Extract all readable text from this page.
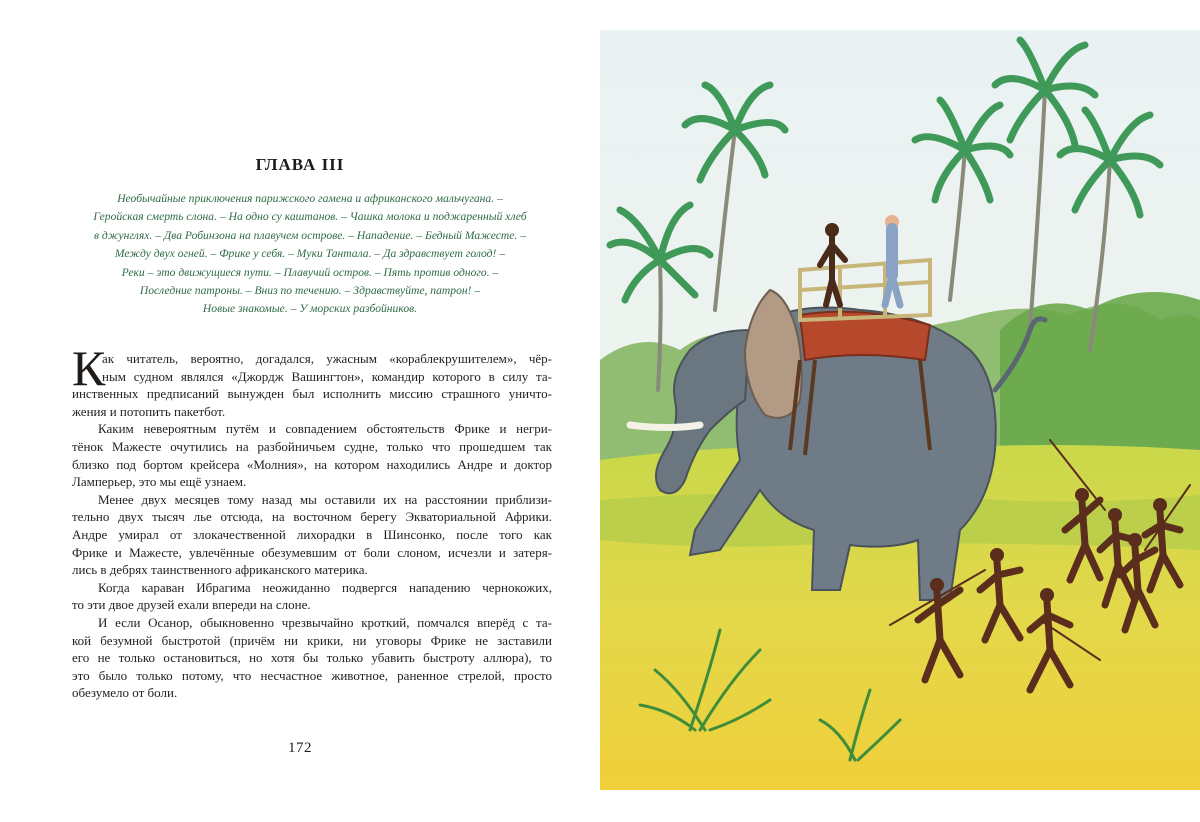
ГЛАВА III
Необычайные приключения парижского гамена и африканского мальчугана. –
Геройская смерть слона. – На одно су каштанов. – Чашка молока и поджаренный хлеб
в джунглях. – Два Робинзона на плавучем острове. – Нападение. – Бедный Мажесте. –
Между двух огней. – Фрике у себя. – Муки Тантала. – Да здравствует голод! –
Реки – это движущиеся пути. – Плавучий остров. – Пять против одного. –
Последние патроны. – Вниз по течению. – Здравствуйте, патрон! –
Новые знакомые. – У морских разбойников.
К
ак читатель, вероятно, догадался, ужасным «кораблекрушителем», чёр-
ным судном являлся «Джордж Вашингтон», командир которого в силу та-
инственных предписаний вынужден был исполнить миссию страшного уничто-
жения и потопить пакетбот.
Каким невероятным путём и совпадением обстоятельств Фрике и негри-
тёнок Мажесте очутились на разбойничьем судне, только что прошедшем так
близко под бортом крейсера «Молния», на котором находились Андре и доктор
Ламперьер, это мы ещё узнаем.
Менее двух месяцев тому назад мы оставили их на расстоянии приблизи-
тельно двух тысяч лье отсюда, на восточном берегу Экваториальной Африки.
Андре умирал от злокачественной лихорадки в Шинсонко, после того как
Фрике и Мажесте, увлечённые обезумевшим от боли слоном, исчезли и затеря-
лись в дебрях таинственного африканского материка.
Когда караван Ибрагима неожиданно подвергся нападению чернокожих,
то эти двое друзей ехали впереди на слоне.
И если Осанор, обыкновенно чрезвычайно кроткий, помчался вперёд с та-
кой безумной быстротой (причём ни крики, ни уговоры Фрике не заставили
его не только остановиться, но хотя бы только убавить быстроту аллюра), то
это было только потому, что несчастное животное, раненное стрелой, просто
обезумело от боли.
172
